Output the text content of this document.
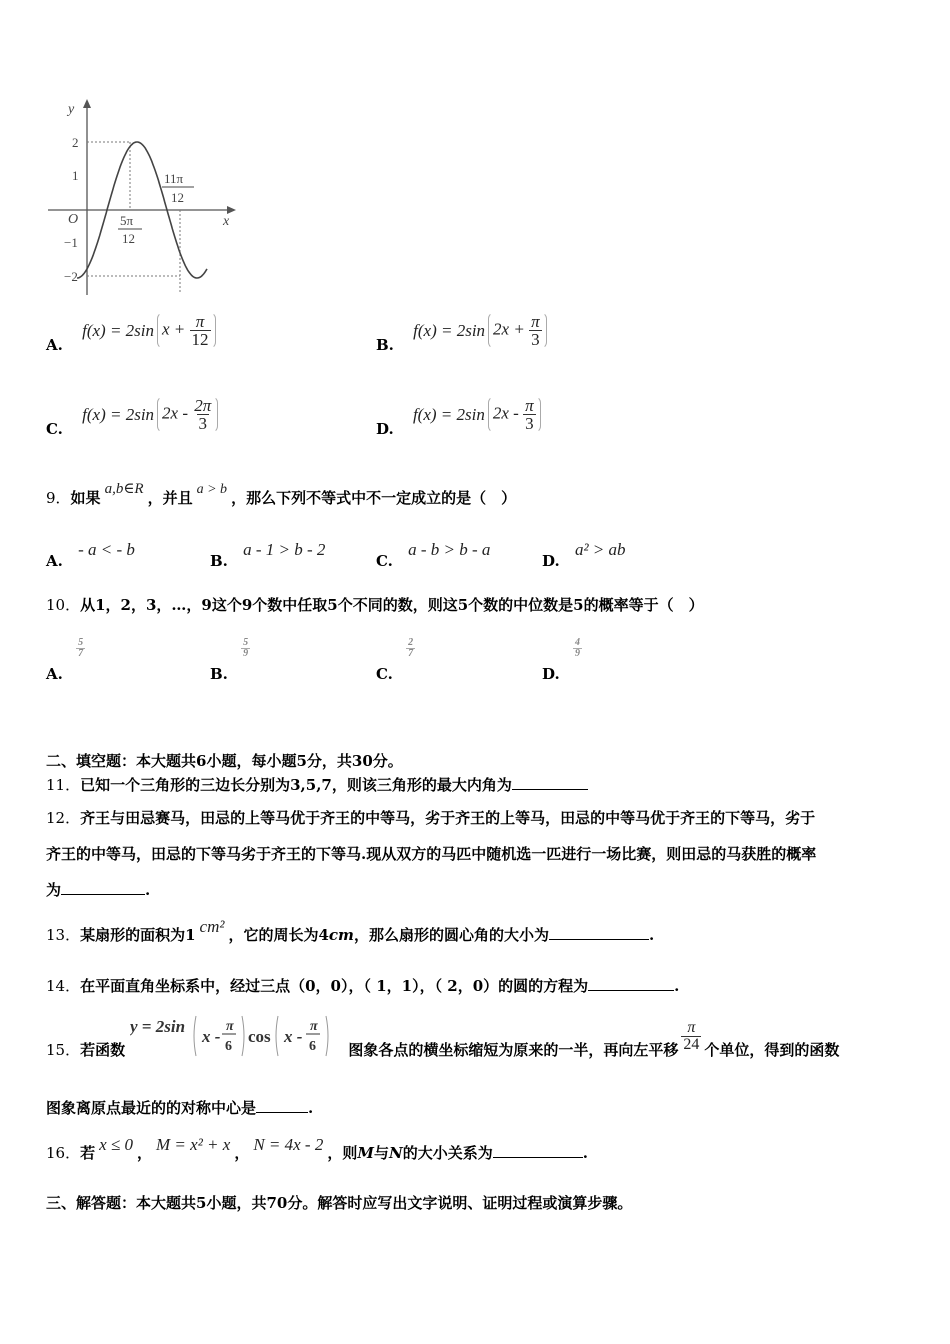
y
x
O
2
1
−1
−2
5π
12
11π
12
A.
f(x) = 2sin $x + \frac{\pi}{12}$	B.
f(x) = 2sin $2x + \frac{\pi}{3}$
C.
f(x) = 2sin $2x - \frac{2\pi}{3}$	D.
f(x) = 2sin $2x - \frac{\pi}{3}$
9．如果 a,b∈R ，并且 a > b ，那么下列不等式中不一定成立的是（　）
A. - a < - b
B. a - 1 > b - 2
C. a - b > b - a
D. a² > ab
10．从1，2，3，…，9这个9个数中任取5个不同的数，则这5个数的中位数是5的概率等于（　）
A.
$\frac{5}{7}$
B.
$\frac{5}{9}$
C.
$\frac{2}{7}$
D.
$\frac{4}{9}$
二、填空题：本大题共6小题，每小题5分，共30分。
11．已知一个三角形的三边长分别为3,5,7，则该三角形的最大内角为
12．齐王与田忌赛马，田忌的上等马优于齐王的中等马，劣于齐王的上等马，田忌的中等马优于齐王的下等马，劣于
齐王的中等马，田忌的下等马劣于齐王的下等马.现从双方的马匹中随机选一匹进行一场比赛，则田忌的马获胜的概率
为	.
13．某扇形的面积为1 cm² ，它的周长为4cm，那么扇形的圆心角的大小为	.
14．在平面直角坐标系中，经过三点（0，0），（ 1，1），（ 2，0）的圆的方程为	.
15．若函数
y = 2sin
x -
π
6
cos x -
π
6 图象各点的横坐标缩短为原来的一半，再向左平移 $\frac{\pi}{24}$ 个单位，得到的函数
图象离原点最近的的对称中心是	.
16．若 x ≤ 0 ， M = x² + x ， N = 4x - 2 ，则M与N的大小关系为	.
三、解答题：本大题共5小题，共70分。解答时应写出文字说明、证明过程或演算步骤。
